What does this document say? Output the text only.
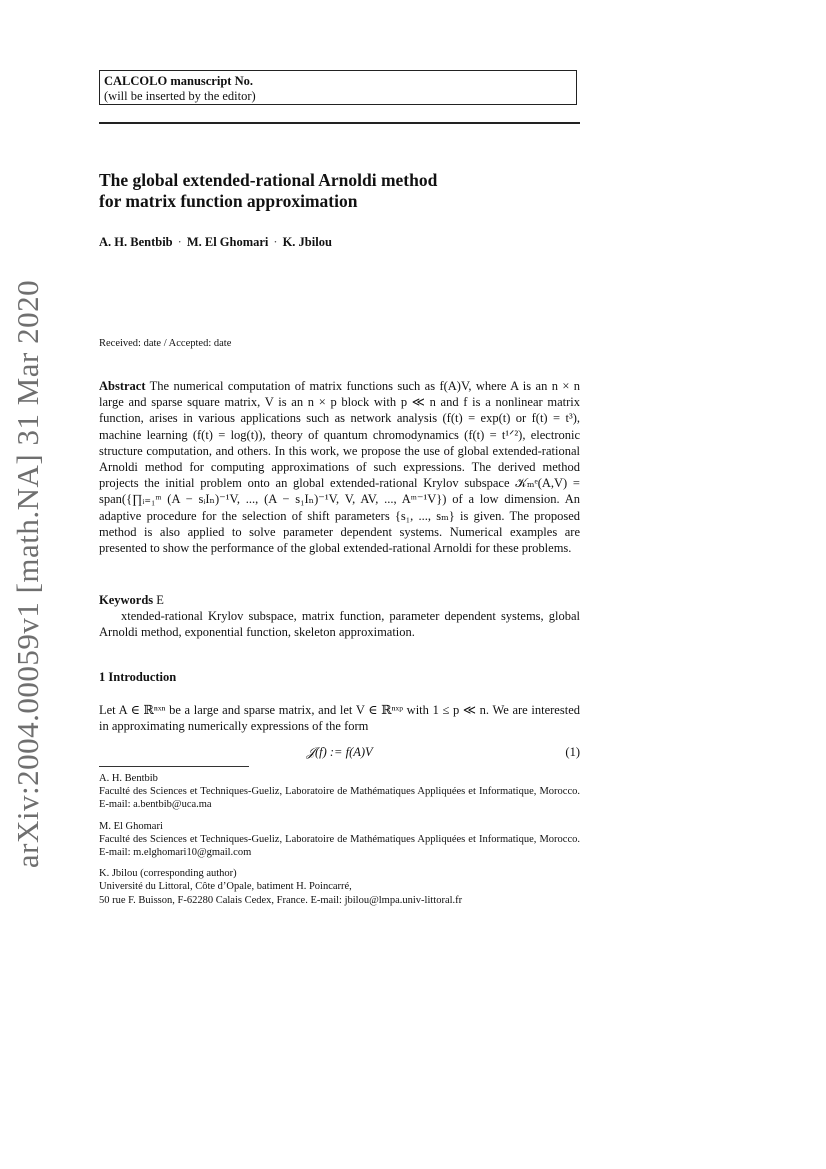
arXiv:2004.00059v1 [math.NA] 31 Mar 2020
CALCOLO manuscript No.
(will be inserted by the editor)
The global extended-rational Arnoldi method
for matrix function approximation
A. H. Bentbib · M. El Ghomari · K. Jbilou
Received: date / Accepted: date
Abstract The numerical computation of matrix functions such as f(A)V, where A is an n × n large and sparse square matrix, V is an n × p block with p ≪ n and f is a nonlinear matrix function, arises in various applications such as network analysis (f(t) = exp(t) or f(t) = t³), machine learning (f(t) = log(t)), theory of quantum chromodynamics (f(t) = t¹ᐟ²), electronic structure computation, and others. In this work, we propose the use of global extended-rational Arnoldi method for computing approximations of such expressions. The derived method projects the initial problem onto an global extended-rational Krylov subspace 𝒦ₘᵉ(A,V) = span({∏ᵢ₌₁ᵐ (A − sᵢIₙ)⁻¹V, ..., (A − s₁Iₙ)⁻¹V, V, AV, ..., Aᵐ⁻¹V}) of a low dimension. An adaptive procedure for the selection of shift parameters {s₁, ..., sₘ} is given. The proposed method is also applied to solve parameter dependent systems. Numerical examples are presented to show the performance of the global extended-rational Arnoldi for these problems.
Keywords E
xtended-rational Krylov subspace, matrix function, parameter dependent systems, global Arnoldi method, exponential function, skeleton approximation.
1 Introduction
Let A ∈ ℝⁿˣⁿ be a large and sparse matrix, and let V ∈ ℝⁿˣᵖ with 1 ≤ p ≪ n. We are interested in approximating numerically expressions of the form
𝒥(f) := f(A)V	(1)
A. H. Bentbib
Faculté des Sciences et Techniques-Gueliz, Laboratoire de Mathématiques Appliquées et Informatique, Morocco. E-mail: a.bentbib@uca.ma
M. El Ghomari
Faculté des Sciences et Techniques-Gueliz, Laboratoire de Mathématiques Appliquées et Informatique, Morocco. E-mail: m.elghomari10@gmail.com
K. Jbilou (corresponding author)
Université du Littoral, Côte d’Opale, batiment H. Poincarré,
50 rue F. Buisson, F-62280 Calais Cedex, France. E-mail: jbilou@lmpa.univ-littoral.fr
